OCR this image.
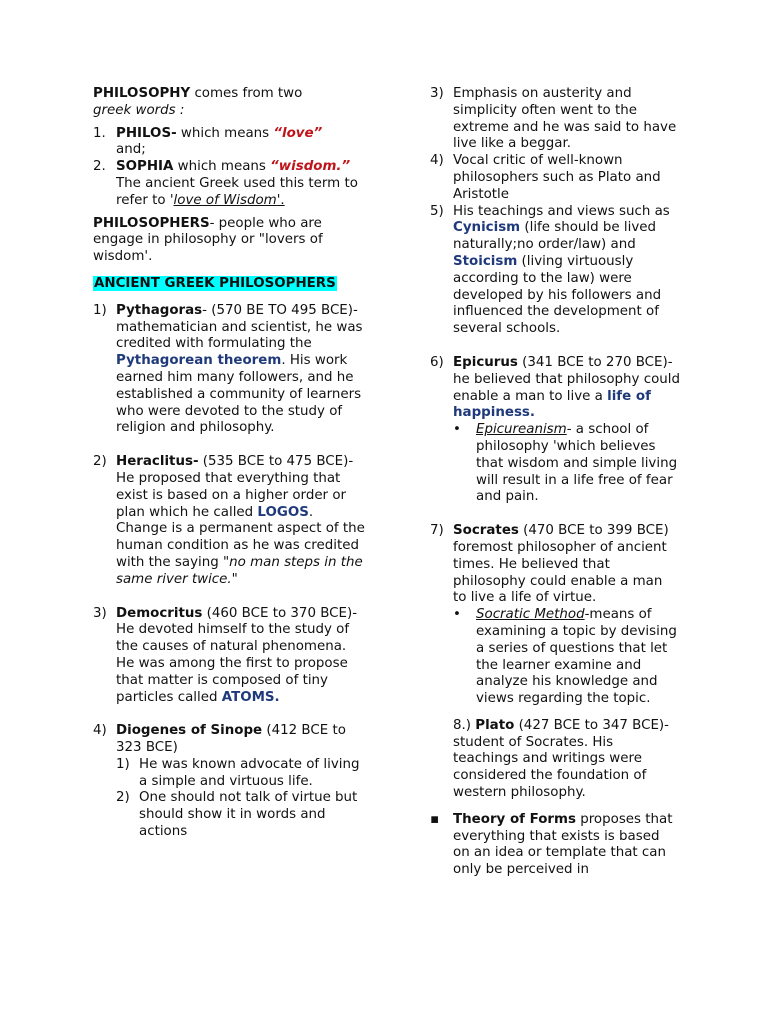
PHILOSOPHY comes from two
greek words :

1. PHILOS- which means “love”
and;
2. SOPHIA which means “wisdom.” The ancient Greek used this term to refer to 'love of Wisdom'.

PHILOSOPHERS- people who are engage in philosophy or "lovers of wisdom'.

ANCIENT GREEK PHILOSOPHERS

1) Pythagoras- (570 BE TO 495 BCE)- mathematician and scientist, he was credited with formulating the Pythagorean theorem. His work earned him many followers, and he established a community of learners who were devoted to the study of religion and philosophy.
2) Heraclitus- (535 BCE to 475 BCE)-
He proposed that everything that exist is based on a higher order or plan which he called LOGOS. Change is a permanent aspect of the human condition as he was credited with the saying "no man steps in the same river twice."
3) Democritus (460 BCE to 370 BCE)- He devoted himself to the study of the causes of natural phenomena. He was among the first to propose that matter is composed of tiny particles called ATOMS.
4) Diogenes of Sinope (412 BCE to 323 BCE)
1) He was known advocate of living a simple and virtuous life.
2) One should not talk of virtue but should show it in words and actions
3) Emphasis on austerity and simplicity often went to the extreme and he was said to have live like a beggar.
4) Vocal critic of well-known philosophers such as Plato and Aristotle
5) His teachings and views such as Cynicism (life should be lived naturally;no order/law) and Stoicism (living virtuously according to the law) were developed by his followers and influenced the development of several schools.
6) Epicurus (341 BCE to 270 BCE)- he believed that philosophy could enable a man to live a life of happiness.
• Epicureanism- a school of philosophy 'which believes that wisdom and simple living will result in a life free of fear and pain.
7) Socrates (470 BCE to 399 BCE) foremost philosopher of ancient times. He believed that philosophy could enable a man to live a life of virtue.
• Socratic Method-means of examining a topic by devising a series of questions that let the learner examine and analyze his knowledge and views regarding the topic.
8.) Plato (427 BCE to 347 BCE)- student of Socrates. His teachings and writings were considered the foundation of western philosophy.
▪ Theory of Forms proposes that everything that exists is based on an idea or template that can only be perceived in
